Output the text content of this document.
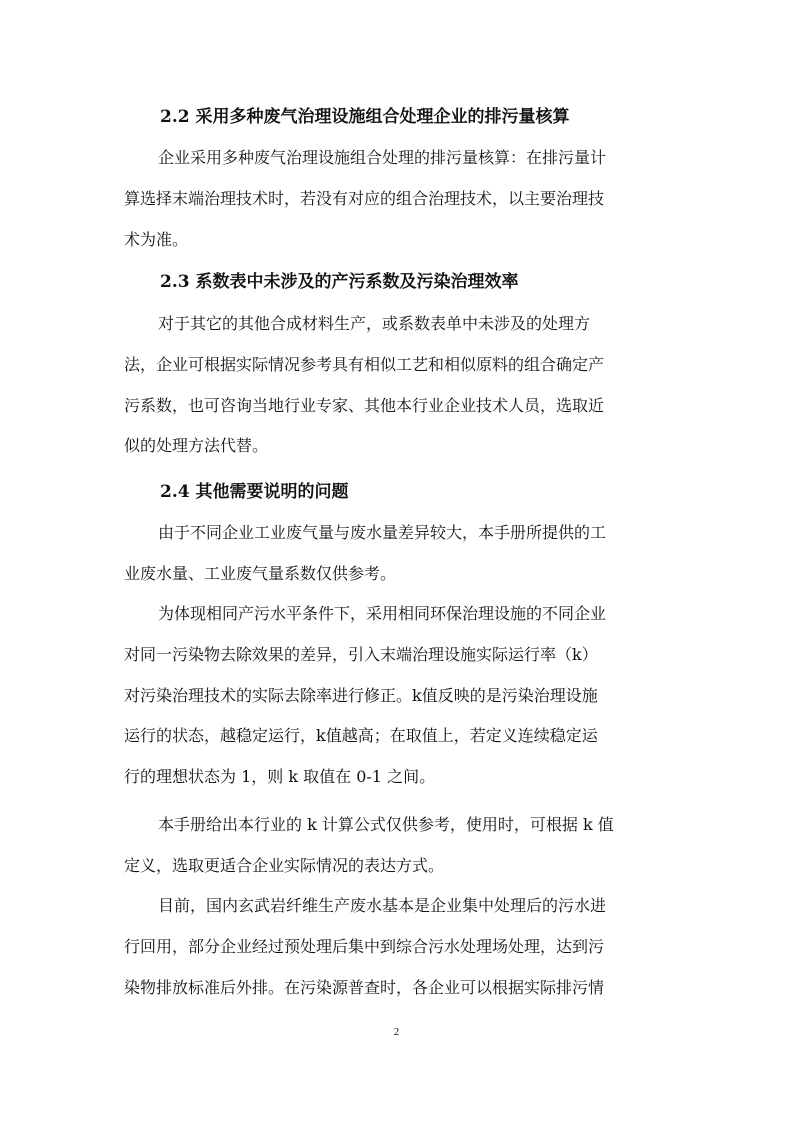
2.2 采用多种废气治理设施组合处理企业的排污量核算
企业采用多种废气治理设施组合处理的排污量核算：在排污量计
算选择末端治理技术时，若没有对应的组合治理技术，以主要治理技
术为准。
2.3 系数表中未涉及的产污系数及污染治理效率
对于其它的其他合成材料生产，或系数表单中未涉及的处理方
法，企业可根据实际情况参考具有相似工艺和相似原料的组合确定产
污系数，也可咨询当地行业专家、其他本行业企业技术人员，选取近
似的处理方法代替。
2.4 其他需要说明的问题
由于不同企业工业废气量与废水量差异较大，本手册所提供的工
业废水量、工业废气量系数仅供参考。
为体现相同产污水平条件下，采用相同环保治理设施的不同企业
对同一污染物去除效果的差异，引入末端治理设施实际运行率（k）
对污染治理技术的实际去除率进行修正。k值反映的是污染治理设施
运行的状态，越稳定运行，k值越高；在取值上，若定义连续稳定运
行的理想状态为 1，则 k 取值在 0-1 之间。
本手册给出本行业的 k 计算公式仅供参考，使用时，可根据 k 值
定义，选取更适合企业实际情况的表达方式。
目前，国内玄武岩纤维生产废水基本是企业集中处理后的污水进
行回用，部分企业经过预处理后集中到综合污水处理场处理，达到污
染物排放标准后外排。在污染源普查时，各企业可以根据实际排污情
2
